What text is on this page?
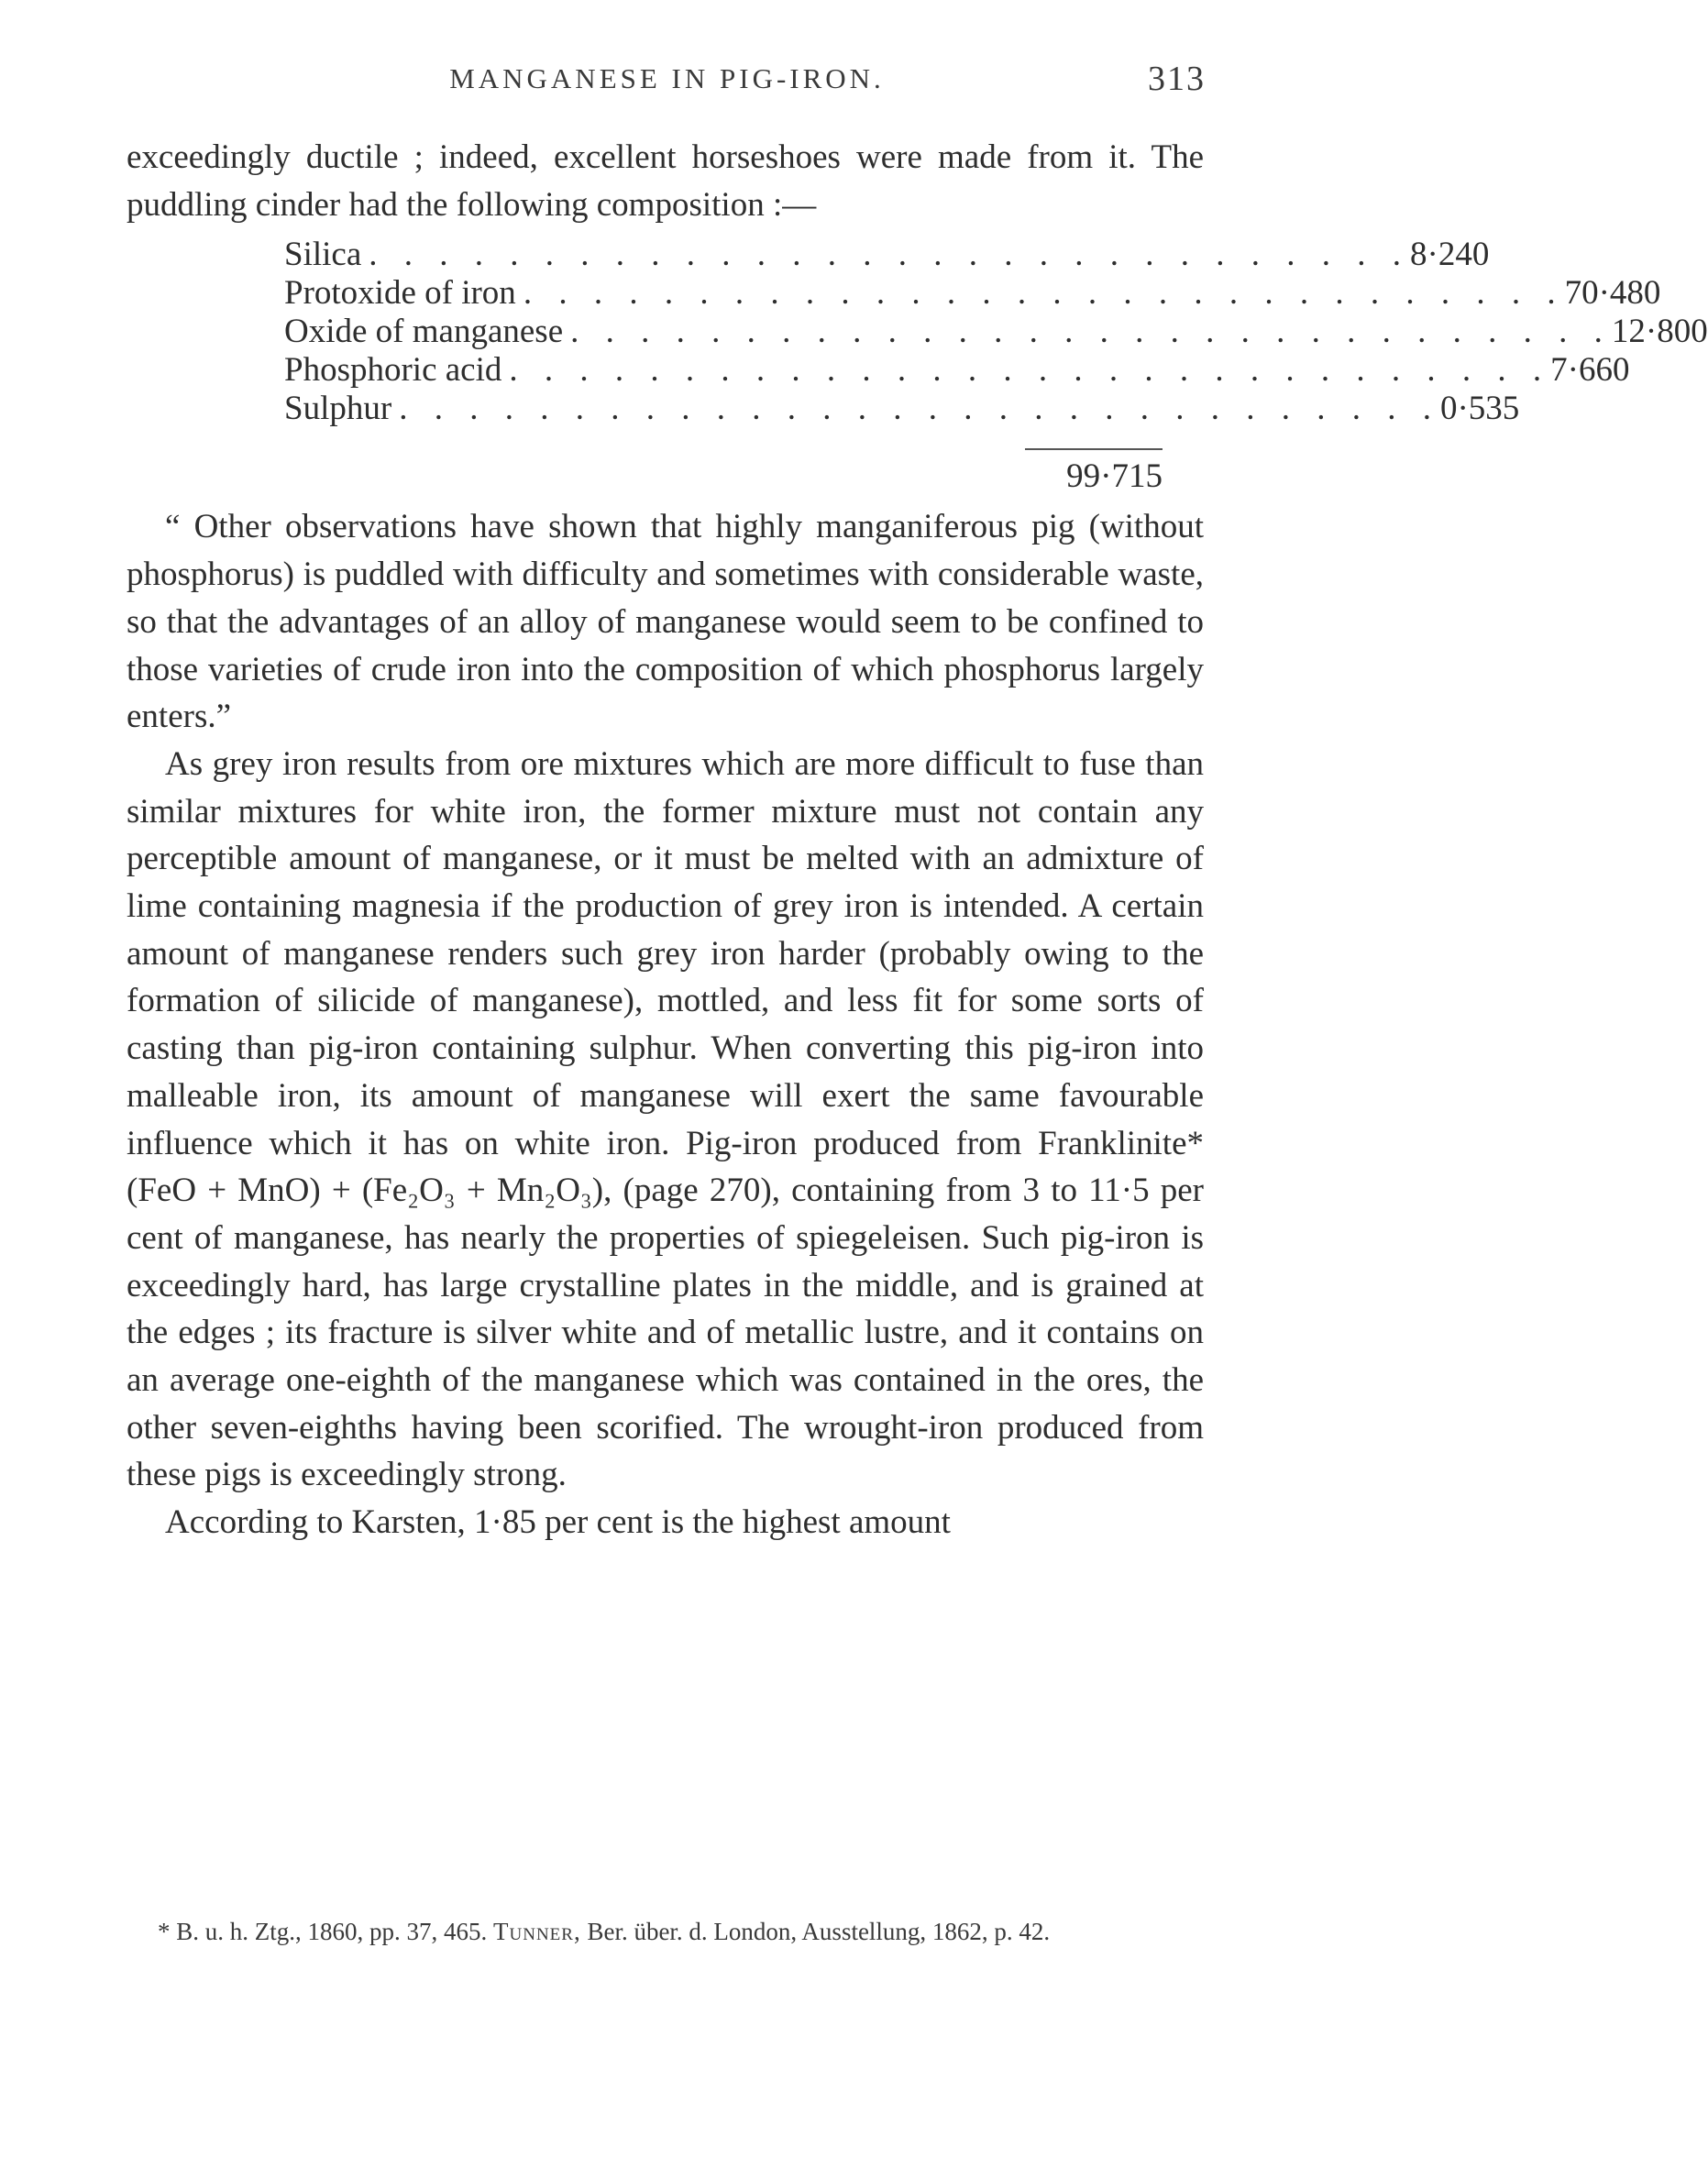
MANGANESE IN PIG-IRON.	313

exceedingly ductile ; indeed, excellent horseshoes were made from it. The puddling cinder had the following composition :—

Silica . . . . . . . . . . . . . . . . . . . . . . . . . . . . . . 8·240
Protoxide of iron . . . . . . . . . . . . . . . . . . . . . . . . . . . . . . 70·480
Oxide of manganese . . . . . . . . . . . . . . . . . . . . . . . . . . . . . . 12·800
Phosphoric acid . . . . . . . . . . . . . . . . . . . . . . . . . . . . . . 7·660
Sulphur . . . . . . . . . . . . . . . . . . . . . . . . . . . . . . 0·535
99·715

“ Other observations have shown that highly manganiferous pig (without phosphorus) is puddled with difficulty and sometimes with considerable waste, so that the advantages of an alloy of manganese would seem to be confined to those varieties of crude iron into the composition of which phosphorus largely enters.”

As grey iron results from ore mixtures which are more difficult to fuse than similar mixtures for white iron, the former mixture must not contain any perceptible amount of manganese, or it must be melted with an admixture of lime containing magnesia if the production of grey iron is intended. A certain amount of manganese renders such grey iron harder (probably owing to the formation of silicide of manganese), mottled, and less fit for some sorts of casting than pig-iron containing sulphur. When converting this pig-iron into malleable iron, its amount of manganese will exert the same favourable influence which it has on white iron. Pig-iron produced from Franklinite* (FeO + MnO) + (Fe₂O₃ + Mn₂O₃), (page 270), containing from 3 to 11·5 per cent of manganese, has nearly the properties of spiegeleisen. Such pig-iron is exceedingly hard, has large crystalline plates in the middle, and is grained at the edges ; its fracture is silver white and of metallic lustre, and it contains on an average one-eighth of the manganese which was contained in the ores, the other seven-eighths having been scorified. The wrought-iron produced from these pigs is exceedingly strong.

According to Karsten, 1·85 per cent is the highest amount

* B. u. h. Ztg., 1860, pp. 37, 465. Tunner, Ber. über. d. London, Ausstellung, 1862, p. 42.
